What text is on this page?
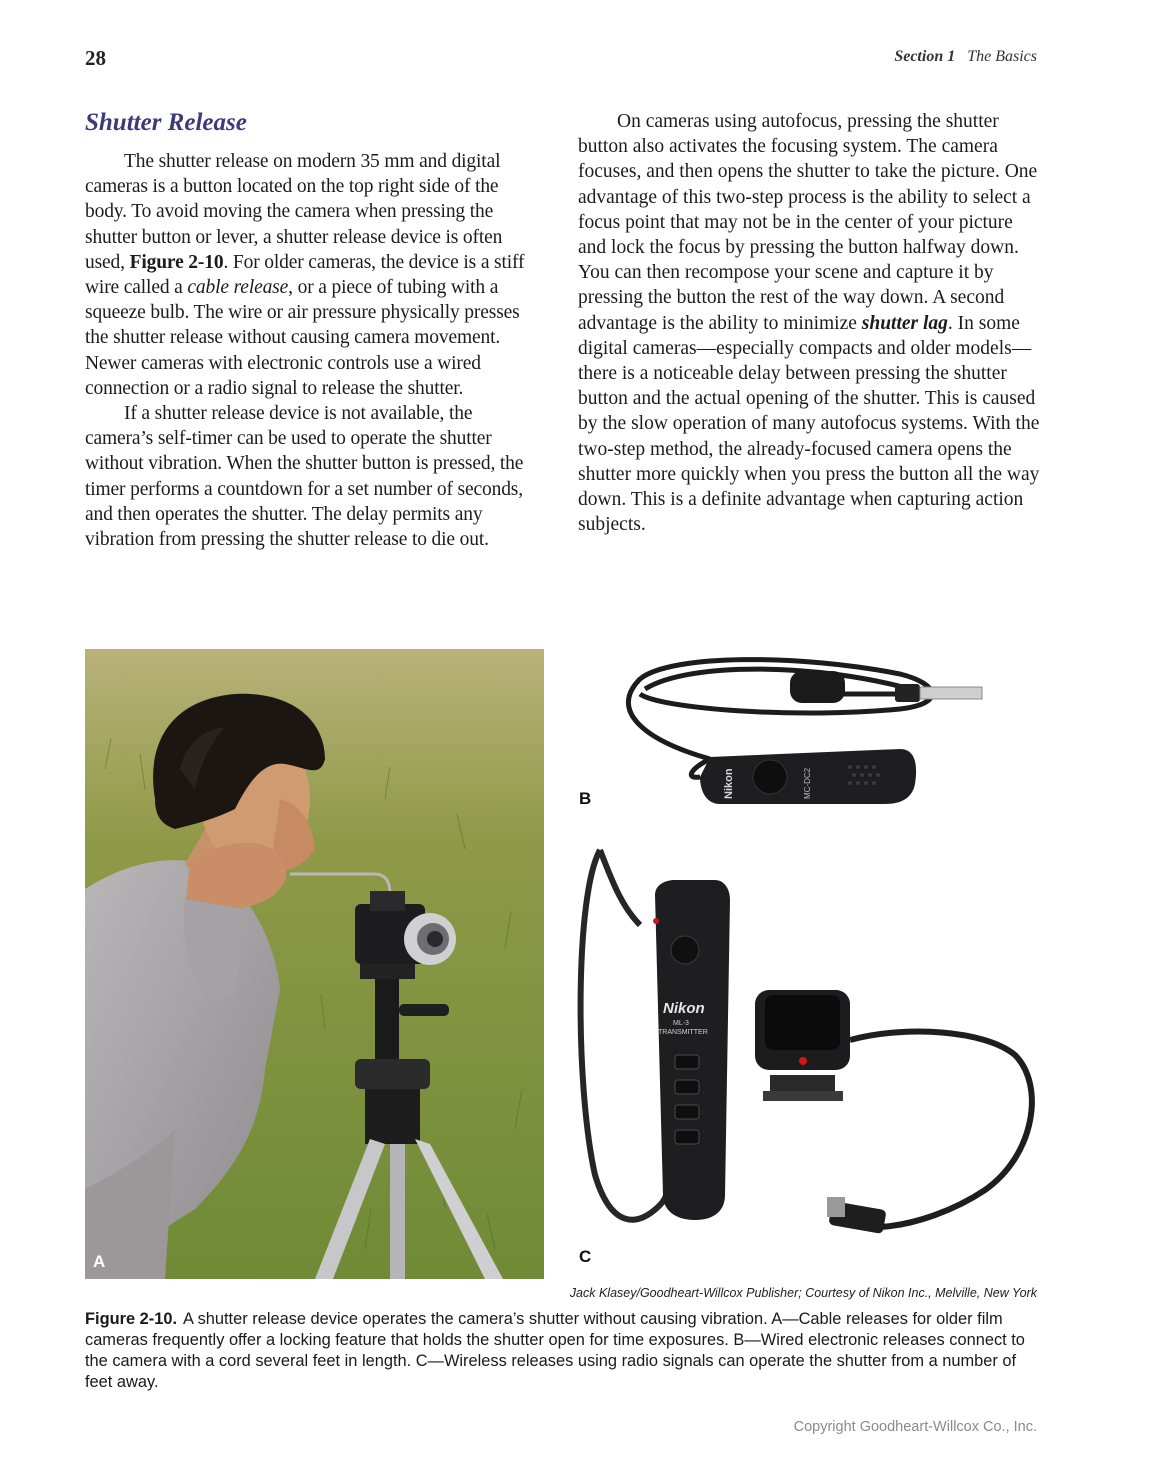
28	Section 1 The Basics
Shutter Release

The shutter release on modern 35 mm and digital cameras is a button located on the top right side of the body. To avoid moving the camera when pressing the shutter button or lever, a shutter release device is often used, Figure 2-10. For older cameras, the device is a stiff wire called a cable release, or a piece of tubing with a squeeze bulb. The wire or air pressure physically presses the shutter release without causing camera movement. Newer cameras with electronic controls use a wired connection or a radio signal to release the shutter.

If a shutter release device is not available, the camera’s self-timer can be used to operate the shutter without vibration. When the shutter button is pressed, the timer performs a countdown for a set number of seconds, and then operates the shutter. The delay permits any vibration from pressing the shutter release to die out.

On cameras using autofocus, pressing the shutter button also activates the focusing system. The camera focuses, and then opens the shutter to take the picture. One advantage of this two-step process is the ability to select a focus point that may not be in the center of your picture and lock the focus by pressing the button halfway down. You can then recompose your scene and capture it by pressing the button the rest of the way down. A second advantage is the ability to minimize shutter lag. In some digital cameras—especially compacts and older models—there is a noticeable delay between pressing the shutter button and the actual opening of the shutter. This is caused by the slow operation of many autofocus systems. With the two-step method, the already-focused camera opens the shutter more quickly when you press the button all the way down. This is a definite advantage when capturing action subjects.

A
Nikon	MC-DC2
B
Nikon
ML-3
TRANSMITTER
C
Jack Klasey/Goodheart-Willcox Publisher; Courtesy of Nikon Inc., Melville, New York
Figure 2-10. A shutter release device operates the camera’s shutter without causing vibration. A—Cable releases for older film cameras frequently offer a locking feature that holds the shutter open for time exposures. B—Wired electronic releases connect to the camera with a cord several feet in length. C—Wireless releases using radio signals can operate the shutter from a number of feet away.
Copyright Goodheart-Willcox Co., Inc.
